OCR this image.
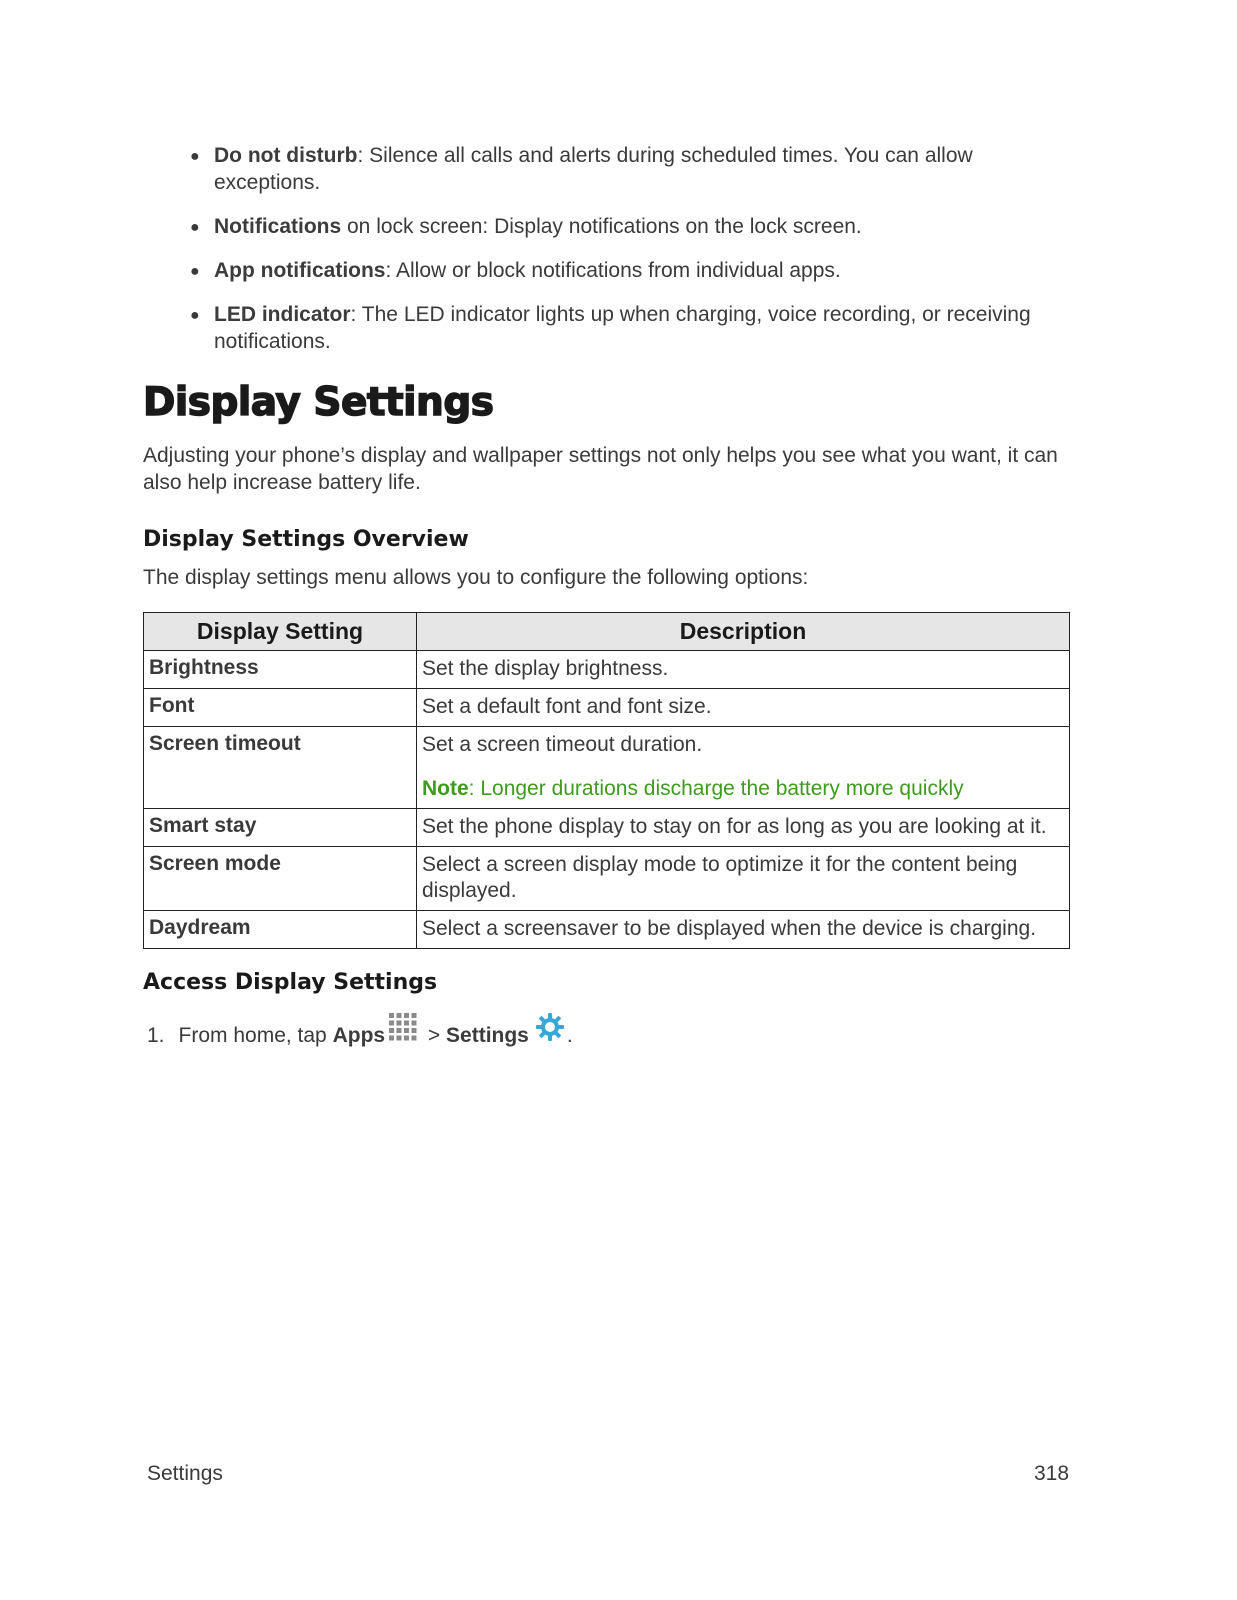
● Do not disturb: Silence all calls and alerts during scheduled times. You can allow exceptions.
● Notifications on lock screen: Display notifications on the lock screen.
● App notifications: Allow or block notifications from individual apps.
● LED indicator: The LED indicator lights up when charging, voice recording, or receiving notifications.
Display Settings

Adjusting your phone’s display and wallpaper settings not only helps you see what you want, it can also help increase battery life.

Display Settings Overview

The display settings menu allows you to configure the following options:

Display Setting	Description
Brightness	Set the display brightness.
Font	Set a default font and font size.
Screen timeout	Set a screen timeout duration.
Note: Longer durations discharge the battery more quickly

Smart stay	Set the phone display to stay on for as long as you are looking at it.
Screen mode	Select a screen display mode to optimize it for the content being displayed.
Daydream	Select a screensaver to be displayed when the device is charging.
Access Display Settings
1. From home, tap Apps > Settings .
Settings	318
